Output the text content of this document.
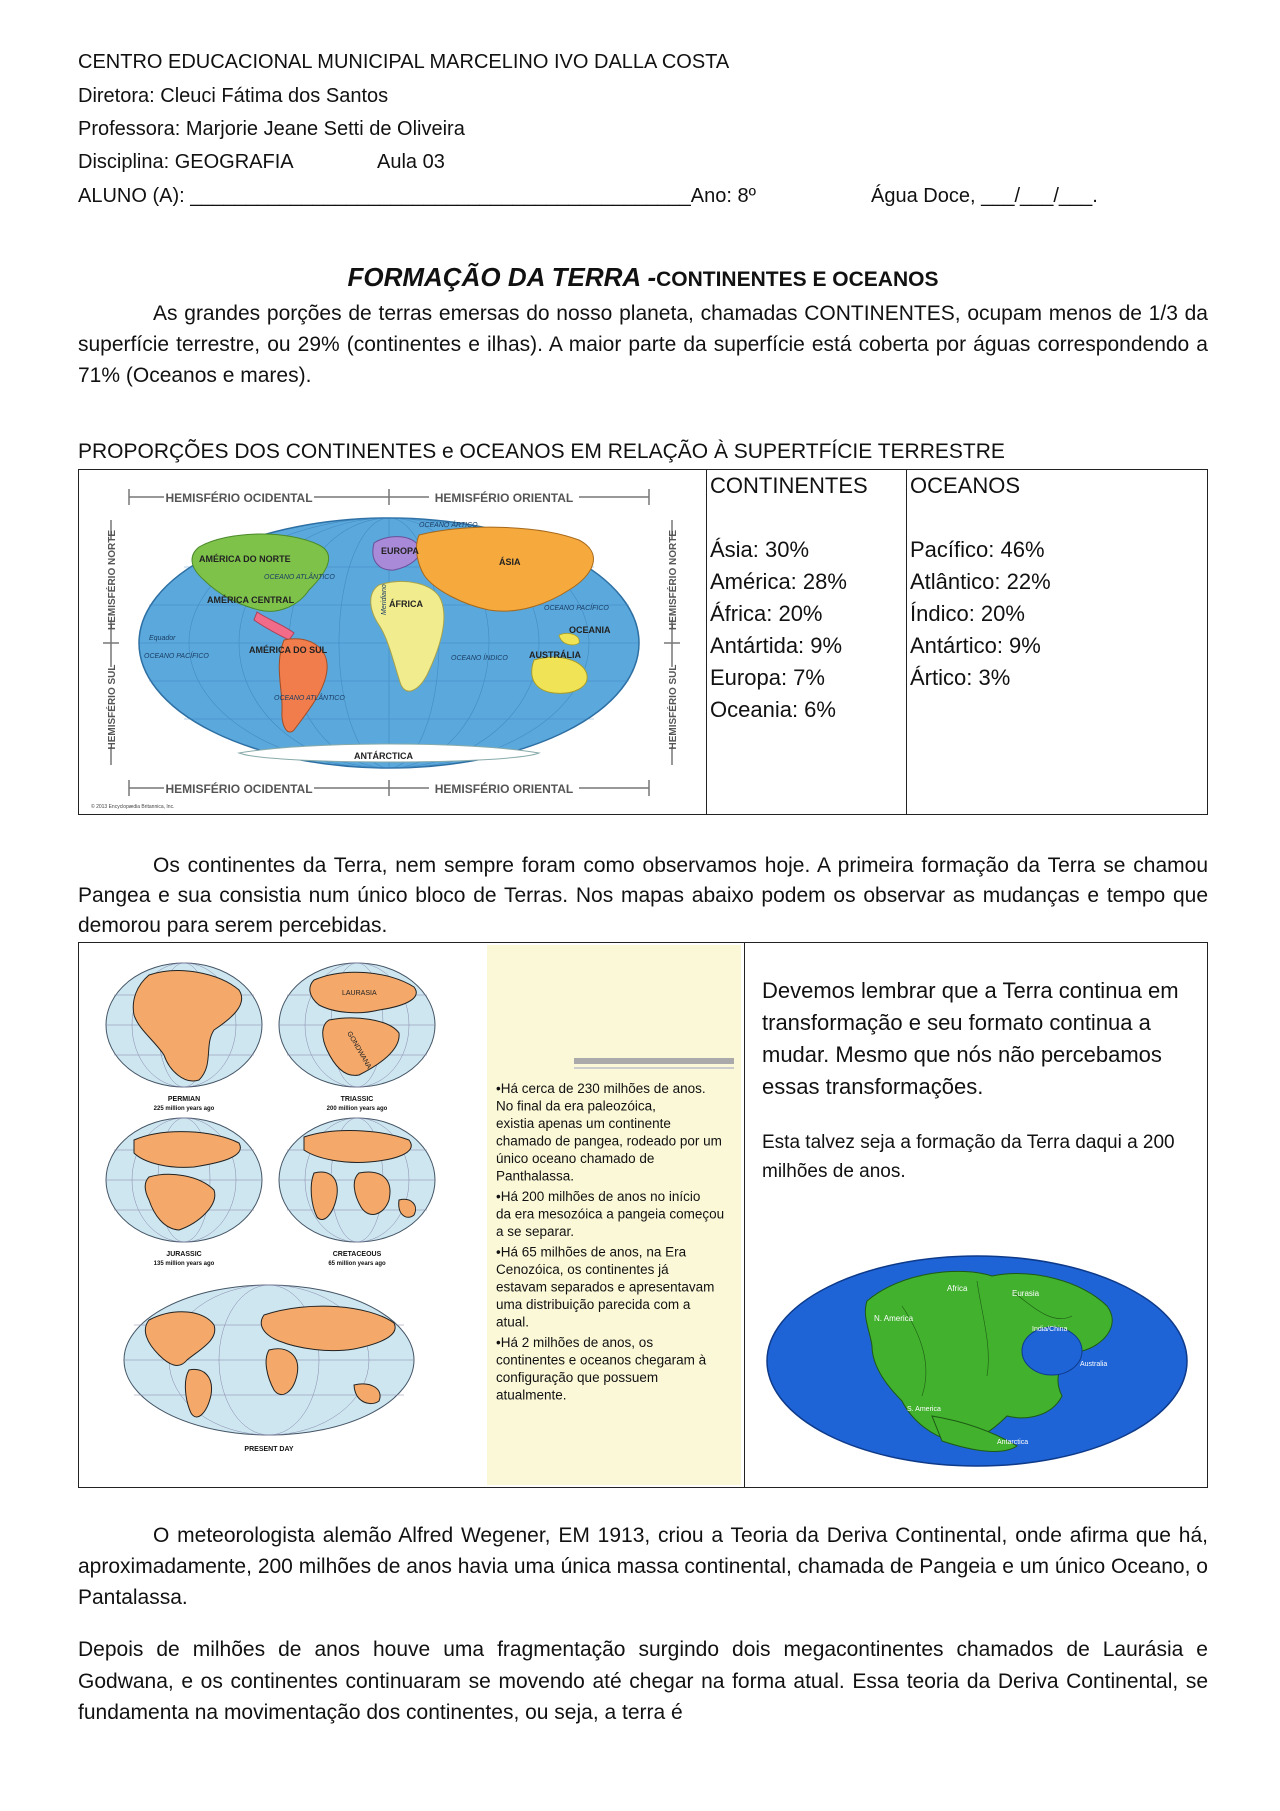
CENTRO EDUCACIONAL MUNICIPAL MARCELINO IVO DALLA COSTA
Diretora: Cleuci Fátima dos Santos
Professora: Marjorie Jeane Setti de Oliveira
Disciplina: GEOGRAFIA	Aula 03
ALUNO (A): _____________________________________________Ano: 8º	Água Doce, ___/___/___.
FORMAÇÃO DA TERRA -CONTINENTES E OCEANOS
As grandes porções de terras emersas do nosso planeta, chamadas CONTINENTES, ocupam menos de 1/3 da superfície terrestre, ou 29% (continentes e ilhas). A maior parte da superfície está coberta por águas correspondendo a 71% (Oceanos e mares).
PROPORÇÕES DOS CONTINENTES e OCEANOS EM RELAÇÃO À SUPERTFÍCIE TERRESTRE
HEMISFÉRIO OCIDENTAL	HEMISFÉRIO ORIENTAL
HEMISFÉRIO OCIDENTAL	HEMISFÉRIO ORIENTAL
HEMISFÉRIO NORTE
HEMISFÉRIO SUL
HEMISFÉRIO NORTE
HEMISFÉRIO SUL
AMÉRICA DO NORTE
AMÉRICA CENTRAL
AMÉRICA DO SUL
EUROPA
ÁSIA
ÁFRICA
OCEANIA
AUSTRÁLIA
ANTÁRCTICA
OCEANO ÁRTICO
OCEANO ATLÂNTICO
OCEANO ATLÂNTICO
OCEANO PACÍFICO
OCEANO PACÍFICO
OCEANO ÍNDICO
Equador
Meridiano
© 2013 Encyclopædia Britannica, Inc.
CONTINENTES
Ásia: 30%
América: 28%
África: 20%
Antártida: 9%
Europa: 7%
Oceania: 6%
OCEANOS
Pacífico: 46%
Atlântico: 22%
Índico: 20%
Antártico: 9%
Ártico: 3%
Os continentes da Terra, nem sempre foram como observamos hoje. A primeira formação da Terra se chamou Pangea e sua consistia num único bloco de Terras. Nos mapas abaixo podem os observar as mudanças e tempo que demorou para serem percebidas.
LAURASIA
GONDWANA
PERMIAN
225 million years ago
TRIASSIC
200 million years ago
JURASSIC
135 million years ago
CRETACEOUS
65 million years ago
PRESENT DAY
•Há cerca de 230 milhões de anos. No final da era paleozóica, existia apenas um continente chamado de pangea, rodeado por um único oceano chamado de Panthalassa. •Há 200 milhões de anos no início da era mesozóica a pangeia começou a se separar. •Há 65 milhões de anos, na Era Cenozóica, os continentes já estavam separados e apresentavam uma distribuição parecida com a atual. •Há 2 milhões de anos, os continentes e oceanos chegaram à configuração que possuem atualmente.
Devemos lembrar que a Terra continua em transformação e seu formato continua a mudar. Mesmo que nós não percebamos essas transformações.
Esta talvez seja a formação da Terra daqui a 200 milhões de anos.
Africa
Eurasia
N. America
India/China
Australia
S. America
Antarctica
O meteorologista alemão Alfred Wegener, EM 1913, criou a Teoria da Deriva Continental, onde afirma que há, aproximadamente, 200 milhões de anos havia uma única massa continental, chamada de Pangeia e um único Oceano, o Pantalassa.
Depois de milhões de anos houve uma fragmentação surgindo dois megacontinentes chamados de Laurásia e Godwana, e os continentes continuaram se movendo até chegar na forma atual. Essa teoria da Deriva Continental, se fundamenta na movimentação dos continentes, ou seja, a terra é
